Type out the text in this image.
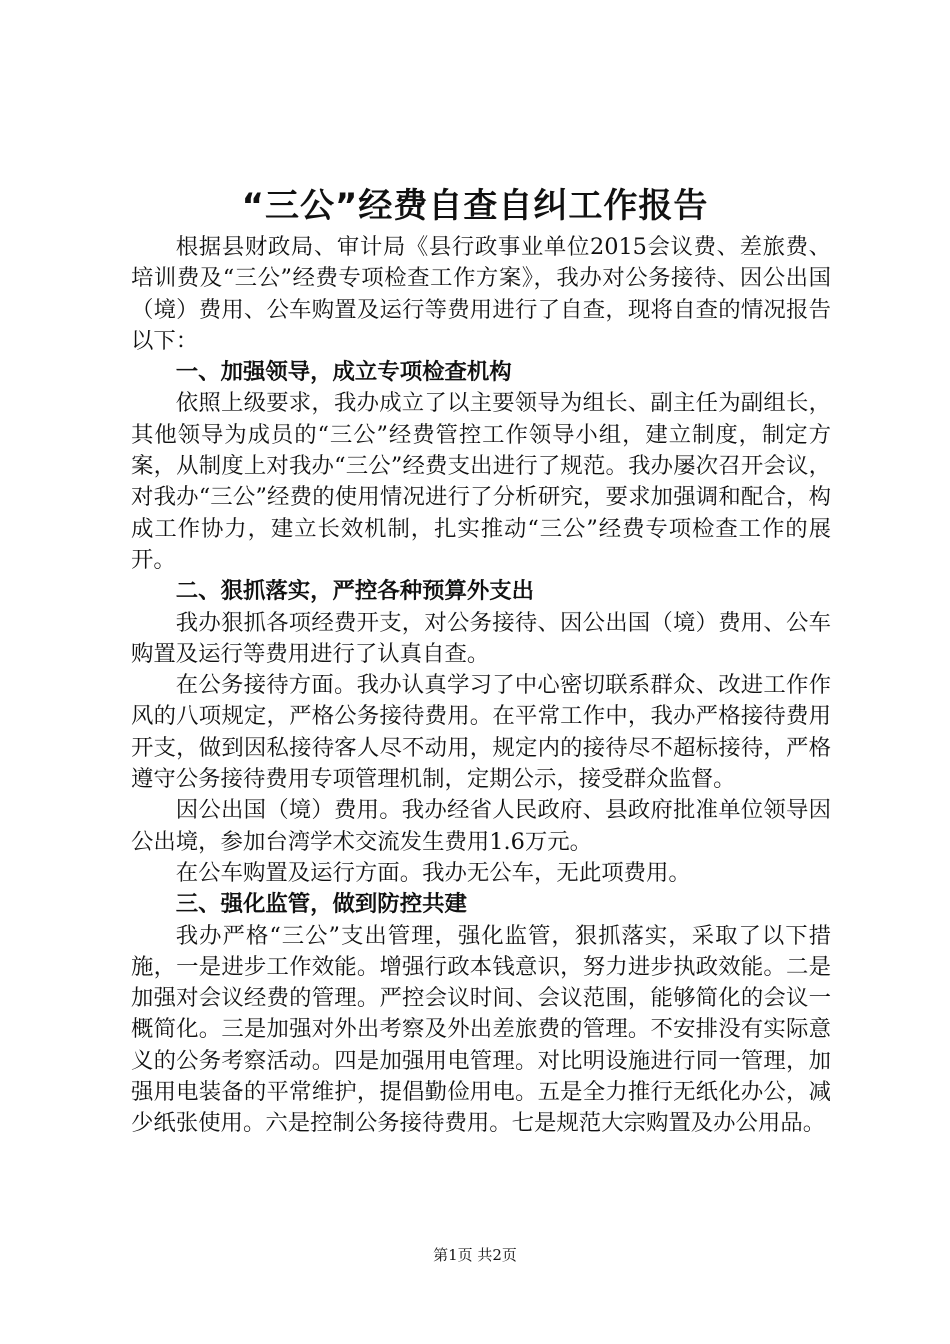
“三公”经费自查自纠工作报告

根据县财政局、审计局《县行政事业单位2015会议费、差旅费、培训费及“三公”经费专项检查工作方案》，我办对公务接待、因公出国（境）费用、公车购置及运行等费用进行了自查，现将自查的情况报告以下：

一、加强领导，成立专项检查机构

依照上级要求，我办成立了以主要领导为组长、副主任为副组长，其他领导为成员的“三公”经费管控工作领导小组，建立制度，制定方案，从制度上对我办“三公”经费支出进行了规范。我办屡次召开会议，对我办“三公”经费的使用情况进行了分析研究，要求加强调和配合，构成工作协力，建立长效机制，扎实推动“三公”经费专项检查工作的展开。

二、狠抓落实，严控各种预算外支出

我办狠抓各项经费开支，对公务接待、因公出国（境）费用、公车购置及运行等费用进行了认真自查。

在公务接待方面。我办认真学习了中心密切联系群众、改进工作作风的八项规定，严格公务接待费用。在平常工作中，我办严格接待费用开支，做到因私接待客人尽不动用，规定内的接待尽不超标接待，严格遵守公务接待费用专项管理机制，定期公示，接受群众监督。

因公出国（境）费用。我办经省人民政府、县政府批准单位领导因公出境，参加台湾学术交流发生费用1.6万元。

在公车购置及运行方面。我办无公车，无此项费用。

三、强化监管，做到防控共建

我办严格“三公”支出管理，强化监管，狠抓落实，采取了以下措施，一是进步工作效能。增强行政本钱意识，努力进步执政效能。二是加强对会议经费的管理。严控会议时间、会议范围，能够简化的会议一概简化。三是加强对外出考察及外出差旅费的管理。不安排没有实际意义的公务考察活动。四是加强用电管理。对比明设施进行同一管理，加强用电装备的平常维护，提倡勤俭用电。五是全力推行无纸化办公，减少纸张使用。六是控制公务接待费用。七是规范大宗购置及办公用品。

第1页 共2页
